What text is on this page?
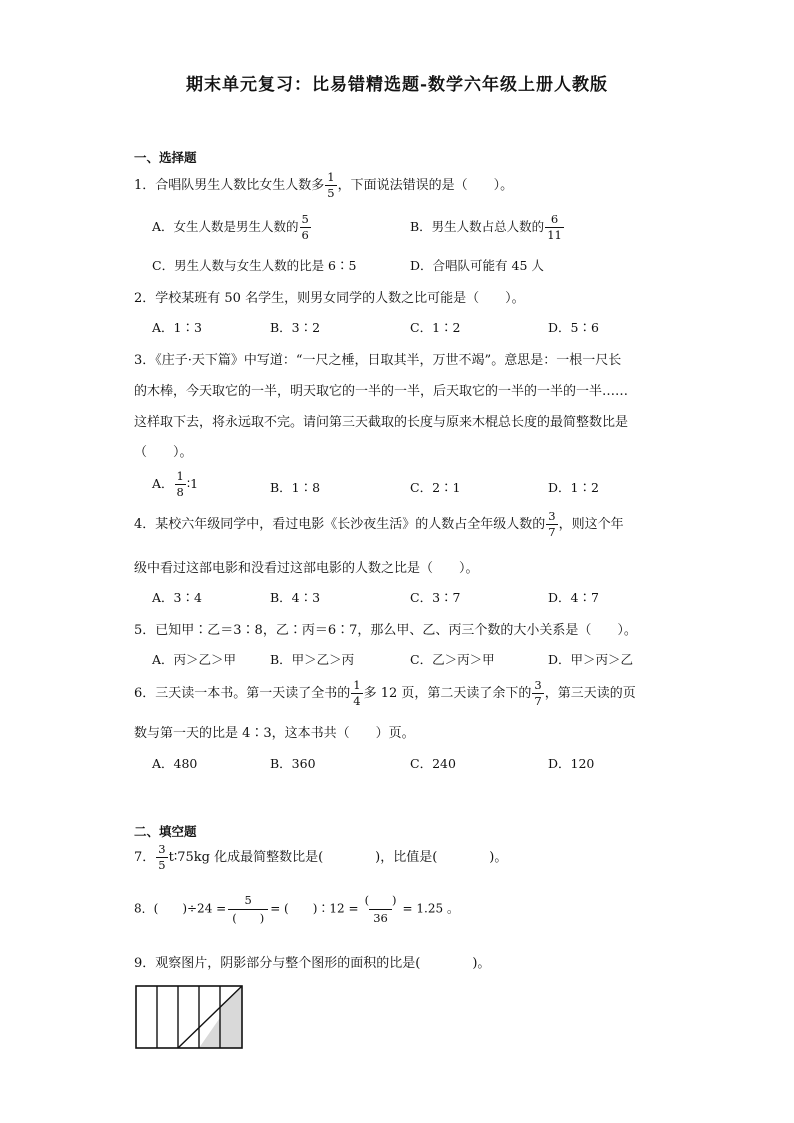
期末单元复习：比易错精选题-数学六年级上册人教版
一、选择题
1．合唱队男生人数比女生人数多 $\frac{1}{5}$ ，下面说法错误的是（　　）。
A．女生人数是男生人数的 $\frac{5}{6}$	B．男生人数占总人数的 $\frac{6}{11}$
C．男生人数与女生人数的比是 6∶5	D．合唱队可能有 45 人
2．学校某班有 50 名学生，则男女同学的人数之比可能是（　　）。
A．1∶3	B．3∶2	C．1∶2	D．5∶6
3．《庄子·天下篇》中写道：“一尺之棰，日取其半，万世不竭”。意思是：一根一尺长
的木棒，今天取它的一半，明天取它的一半的一半，后天取它的一半的一半的一半……
这样取下去，将永远取不完。请问第三天截取的长度与原来木棍总长度的最简整数比是
（　　）。
A． $\frac{1}{8}$ ∶1	B．1∶8	C．2∶1	D．1∶2
4．某校六年级同学中，看过电影《长沙夜生活》的人数占全年级人数的 $\frac{3}{7}$ ，则这个年
级中看过这部电影和没看过这部电影的人数之比是（　　）。
A．3∶4	B．4∶3	C．3∶7	D．4∶7
5．已知甲∶乙＝3∶8，乙∶丙＝6∶7，那么甲、乙、丙三个数的大小关系是（　　）。
A．丙＞乙＞甲	B．甲＞乙＞丙	C．乙＞丙＞甲	D．甲＞丙＞乙
6．三天读一本书。第一天读了全书的 $\frac{1}{4}$ 多 12 页，第二天读了余下的 $\frac{3}{7}$ ，第三天读的页
数与第一天的比是 4∶3，这本书共（　　）页。
A．480	B．360	C．240	D．120
二、填空题
7． $\frac{3}{5}$ t∶75kg 化成最简整数比是(　　　　)，比值是(　　　　)。
8．(　　)÷24 =
5
(　　)
= (　　)∶12 =
(　　)
36
= 1.25 。
9．观察图片，阴影部分与整个图形的面积的比是(　　　　)。
